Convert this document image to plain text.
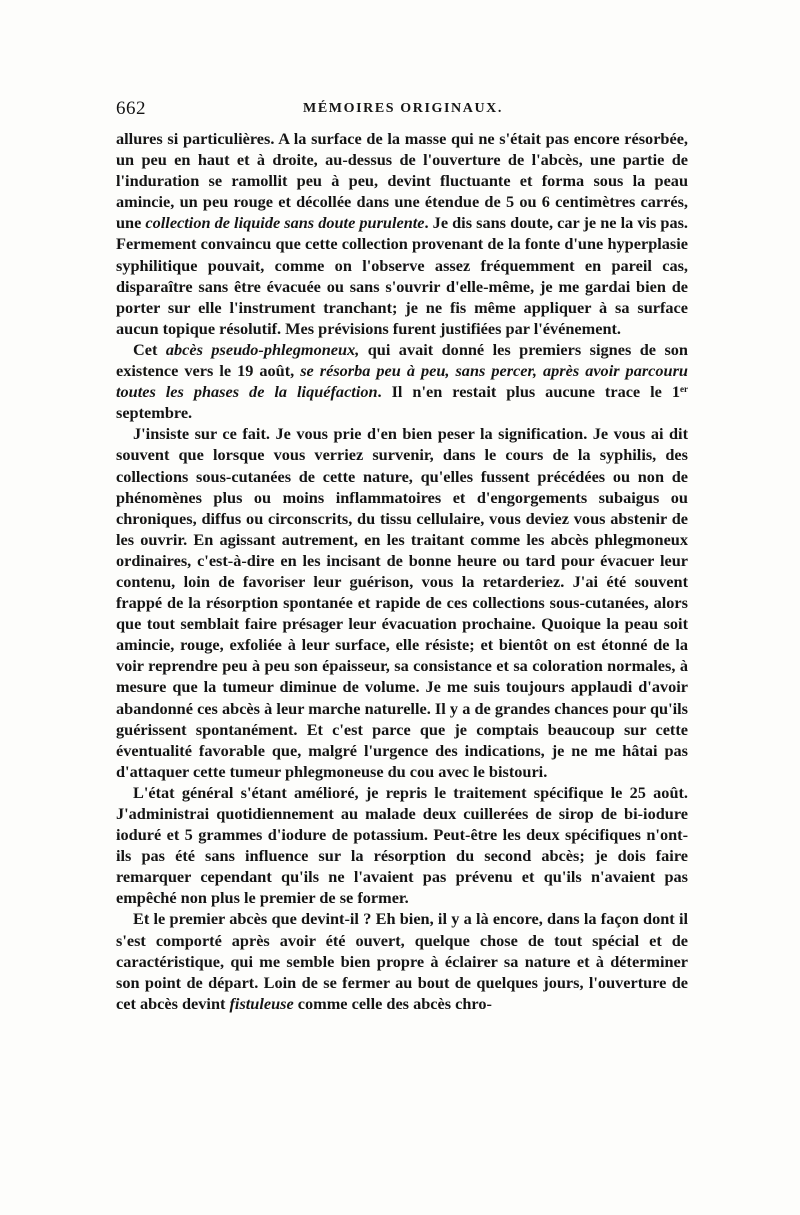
662	MÉMOIRES ORIGINAUX.

allures si particulières. A la surface de la masse qui ne s'était pas encore résorbée, un peu en haut et à droite, au-dessus de l'ouverture de l'abcès, une partie de l'induration se ramollit peu à peu, devint fluctuante et forma sous la peau amincie, un peu rouge et décollée dans une étendue de 5 ou 6 centimètres carrés, une collection de liquide sans doute purulente. Je dis sans doute, car je ne la vis pas. Fermement convaincu que cette collection provenant de la fonte d'une hyperplasie syphilitique pouvait, comme on l'observe assez fréquemment en pareil cas, disparaître sans être évacuée ou sans s'ouvrir d'elle-même, je me gardai bien de porter sur elle l'instrument tranchant; je ne fis même appliquer à sa surface aucun topique résolutif. Mes prévisions furent justifiées par l'événement.

Cet abcès pseudo-phlegmoneux, qui avait donné les premiers signes de son existence vers le 19 août, se résorba peu à peu, sans percer, après avoir parcouru toutes les phases de la liquéfaction. Il n'en restait plus aucune trace le 1er septembre.

J'insiste sur ce fait. Je vous prie d'en bien peser la signification. Je vous ai dit souvent que lorsque vous verriez survenir, dans le cours de la syphilis, des collections sous-cutanées de cette nature, qu'elles fussent précédées ou non de phénomènes plus ou moins inflammatoires et d'engorgements subaigus ou chroniques, diffus ou circonscrits, du tissu cellulaire, vous deviez vous abstenir de les ouvrir. En agissant autrement, en les traitant comme les abcès phlegmoneux ordinaires, c'est-à-dire en les incisant de bonne heure ou tard pour évacuer leur contenu, loin de favoriser leur guérison, vous la retarderiez. J'ai été souvent frappé de la résorption spontanée et rapide de ces collections sous-cutanées, alors que tout semblait faire présager leur évacuation prochaine. Quoique la peau soit amincie, rouge, exfoliée à leur surface, elle résiste; et bientôt on est étonné de la voir reprendre peu à peu son épaisseur, sa consistance et sa coloration normales, à mesure que la tumeur diminue de volume. Je me suis toujours applaudi d'avoir abandonné ces abcès à leur marche naturelle. Il y a de grandes chances pour qu'ils guérissent spontanément. Et c'est parce que je comptais beaucoup sur cette éventualité favorable que, malgré l'urgence des indications, je ne me hâtai pas d'attaquer cette tumeur phlegmoneuse du cou avec le bistouri.

L'état général s'étant amélioré, je repris le traitement spécifique le 25 août. J'administrai quotidiennement au malade deux cuillerées de sirop de bi-iodure ioduré et 5 grammes d'iodure de potassium. Peut-être les deux spécifiques n'ont-ils pas été sans influence sur la résorption du second abcès; je dois faire remarquer cependant qu'ils ne l'avaient pas prévenu et qu'ils n'avaient pas empêché non plus le premier de se former.

Et le premier abcès que devint-il ? Eh bien, il y a là encore, dans la façon dont il s'est comporté après avoir été ouvert, quelque chose de tout spécial et de caractéristique, qui me semble bien propre à éclairer sa nature et à déterminer son point de départ. Loin de se fermer au bout de quelques jours, l'ouverture de cet abcès devint fistuleuse comme celle des abcès chro-
